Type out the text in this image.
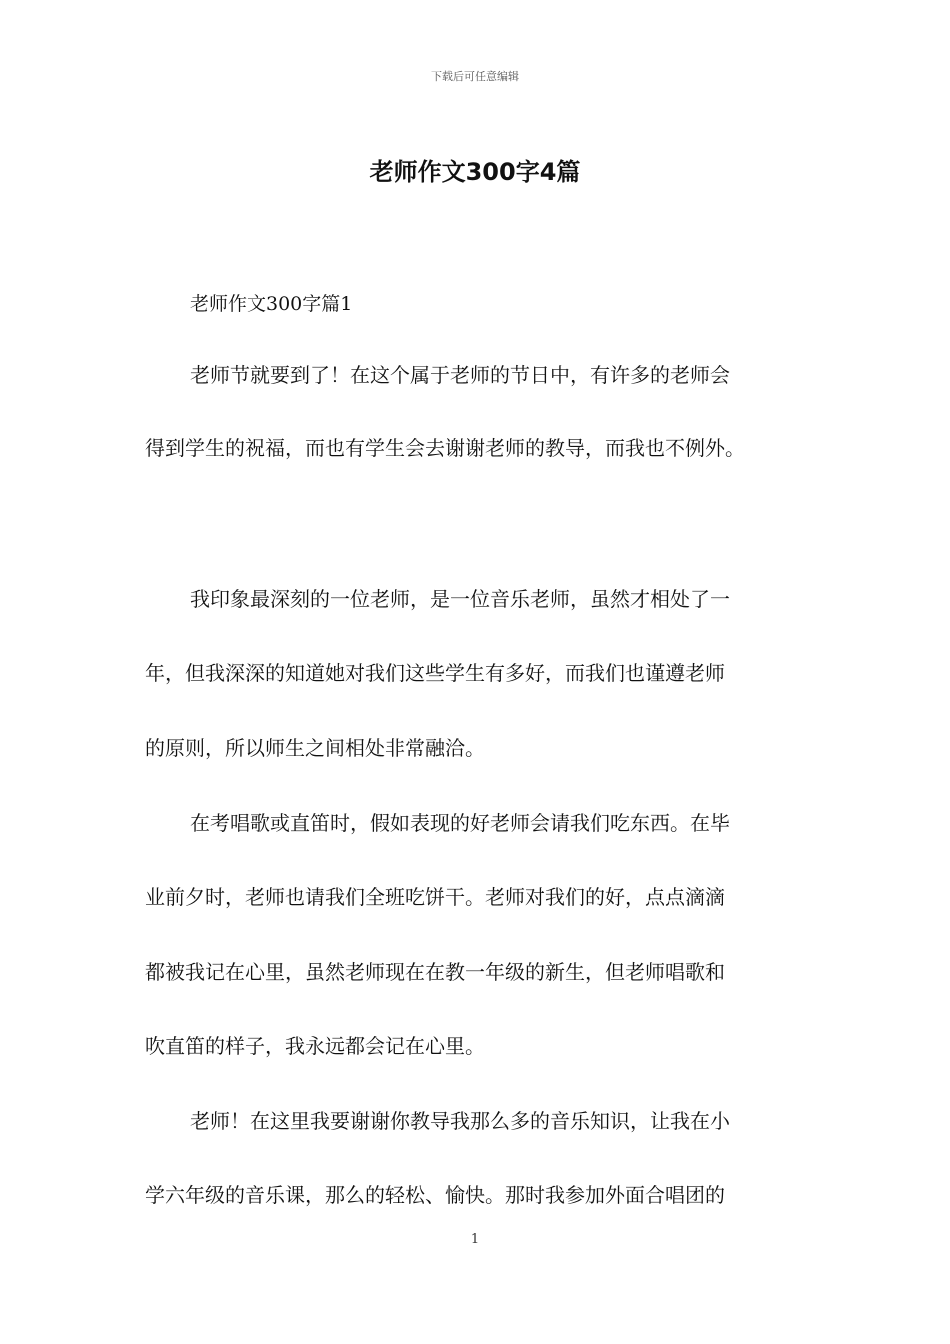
下载后可任意编辑
老师作文300字4篇
老师作文300字篇1
老师节就要到了！在这个属于老师的节日中，有许多的老师会
得到学生的祝福，而也有学生会去谢谢老师的教导，而我也不例外。
我印象最深刻的一位老师，是一位音乐老师，虽然才相处了一
年，但我深深的知道她对我们这些学生有多好，而我们也谨遵老师
的原则，所以师生之间相处非常融洽。
在考唱歌或直笛时，假如表现的好老师会请我们吃东西。在毕
业前夕时，老师也请我们全班吃饼干。老师对我们的好，点点滴滴
都被我记在心里，虽然老师现在在教一年级的新生，但老师唱歌和
吹直笛的样子，我永远都会记在心里。
老师！在这里我要谢谢你教导我那么多的音乐知识，让我在小
学六年级的音乐课，那么的轻松、愉快。那时我参加外面合唱团的
1
